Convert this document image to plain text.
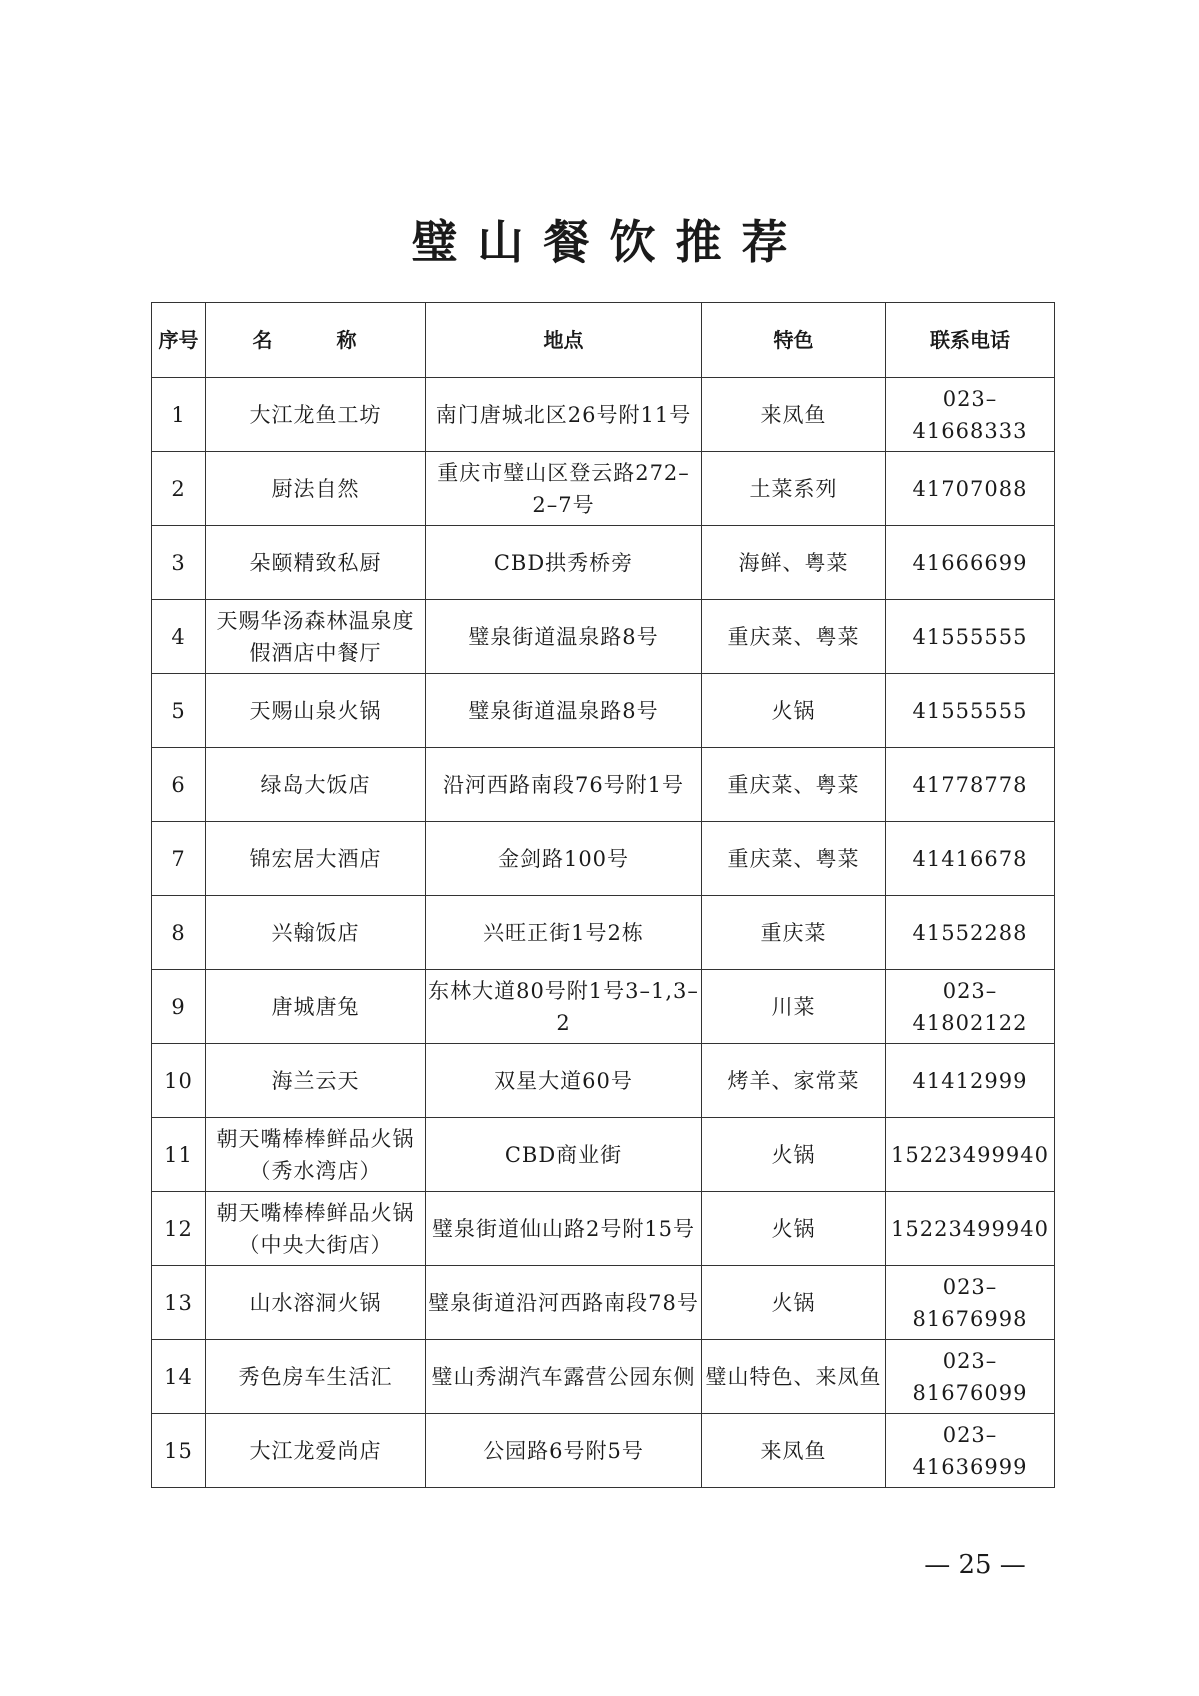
璧山餐饮推荐
序号	名　称	地点	特色	联系电话
1	大江龙鱼工坊	南门唐城北区26号附11号	来凤鱼	023–41668333
2	厨法自然	重庆市璧山区登云路272–2–7号	土菜系列	41707088
3	朵颐精致私厨	CBD拱秀桥旁	海鲜、粤菜	41666699
4	天赐华汤森林温泉度假酒店中餐厅	璧泉街道温泉路8号	重庆菜、粤菜	41555555
5	天赐山泉火锅	璧泉街道温泉路8号	火锅	41555555
6	绿岛大饭店	沿河西路南段76号附1号	重庆菜、粤菜	41778778
7	锦宏居大酒店	金剑路100号	重庆菜、粤菜	41416678
8	兴翰饭店	兴旺正街1号2栋	重庆菜	41552288
9	唐城唐兔	东林大道80号附1号3–1,3–2	川菜	023–41802122
10	海兰云天	双星大道60号	烤羊、家常菜	41412999
11	朝天嘴棒棒鲜品火锅（秀水湾店）	CBD商业街	火锅	15223499940
12	朝天嘴棒棒鲜品火锅（中央大街店）	璧泉街道仙山路2号附15号	火锅	15223499940
13	山水溶洞火锅	璧泉街道沿河西路南段78号	火锅	023–81676998
14	秀色房车生活汇	璧山秀湖汽车露营公园东侧	璧山特色、来凤鱼	023–81676099
15	大江龙爱尚店	公园路6号附5号	来凤鱼	023–41636999
— 25 —
